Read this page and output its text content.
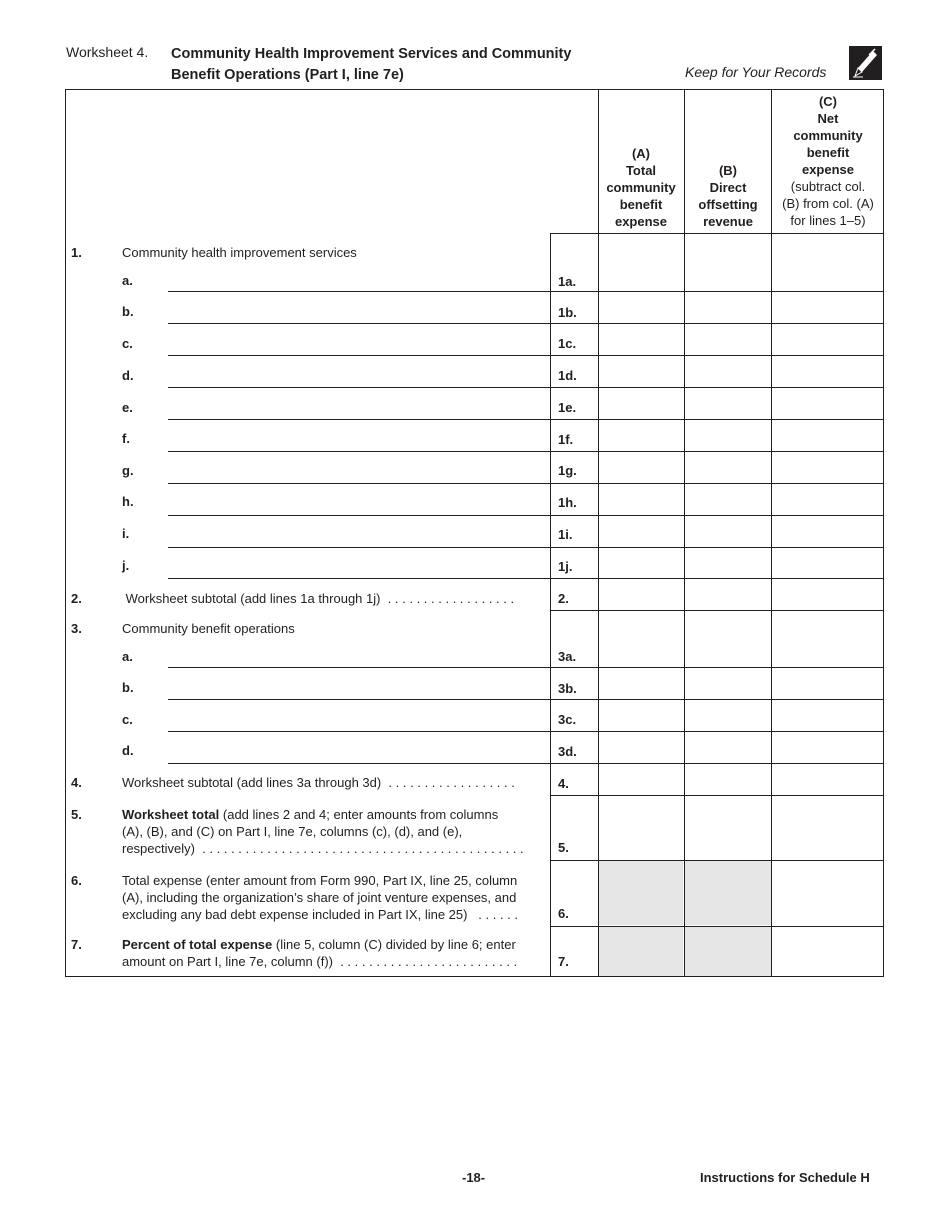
Worksheet 4. Community Health Improvement Services and Community
Benefit Operations (Part I, line 7e)	Keep for Your Records
(A)
Total
community
benefit
expense
(B)
Direct
offsetting
revenue
(C)
Net
community
benefit
expense
(subtract col.
(B) from col. (A)
for lines 1–5)
1.	Community health improvement services
a.	1a.
b.	1b.
c.	1c.
d.	1d.
e.	1e.
f.	1f.
g.	1g.
h.	1h.
i.	1i.
j.	1j.
2.	Worksheet subtotal (add lines 1a through 1j)  . . . . . . . . . . . . . . . . . .	2.
3.	Community benefit operations
a.	3a.
b.	3b.
c.	3c.
d.	3d.
4.	Worksheet subtotal (add lines 3a through 3d)  . . . . . . . . . . . . . . . . . .	4.
5.	Worksheet total (add lines 2 and 4; enter amounts from columns
(A), (B), and (C) on Part I, line 7e, columns (c), (d), and (e),
respectively)  . . . . . . . . . . . . . . . . . . . . . . . . . . . . . . . . . . . . . . . . . . . . .	5.
6.	Total expense (enter amount from Form 990, Part IX, line 25, column
(A), including the organization’s share of joint venture expenses, and
excluding any bad debt expense included in Part IX, line 25)   . . . . . .	6.
7.	Percent of total expense (line 5, column (C) divided by line 6; enter
amount on Part I, line 7e, column (f))  . . . . . . . . . . . . . . . . . . . . . . . . .	7.
-18-	Instructions for Schedule H
